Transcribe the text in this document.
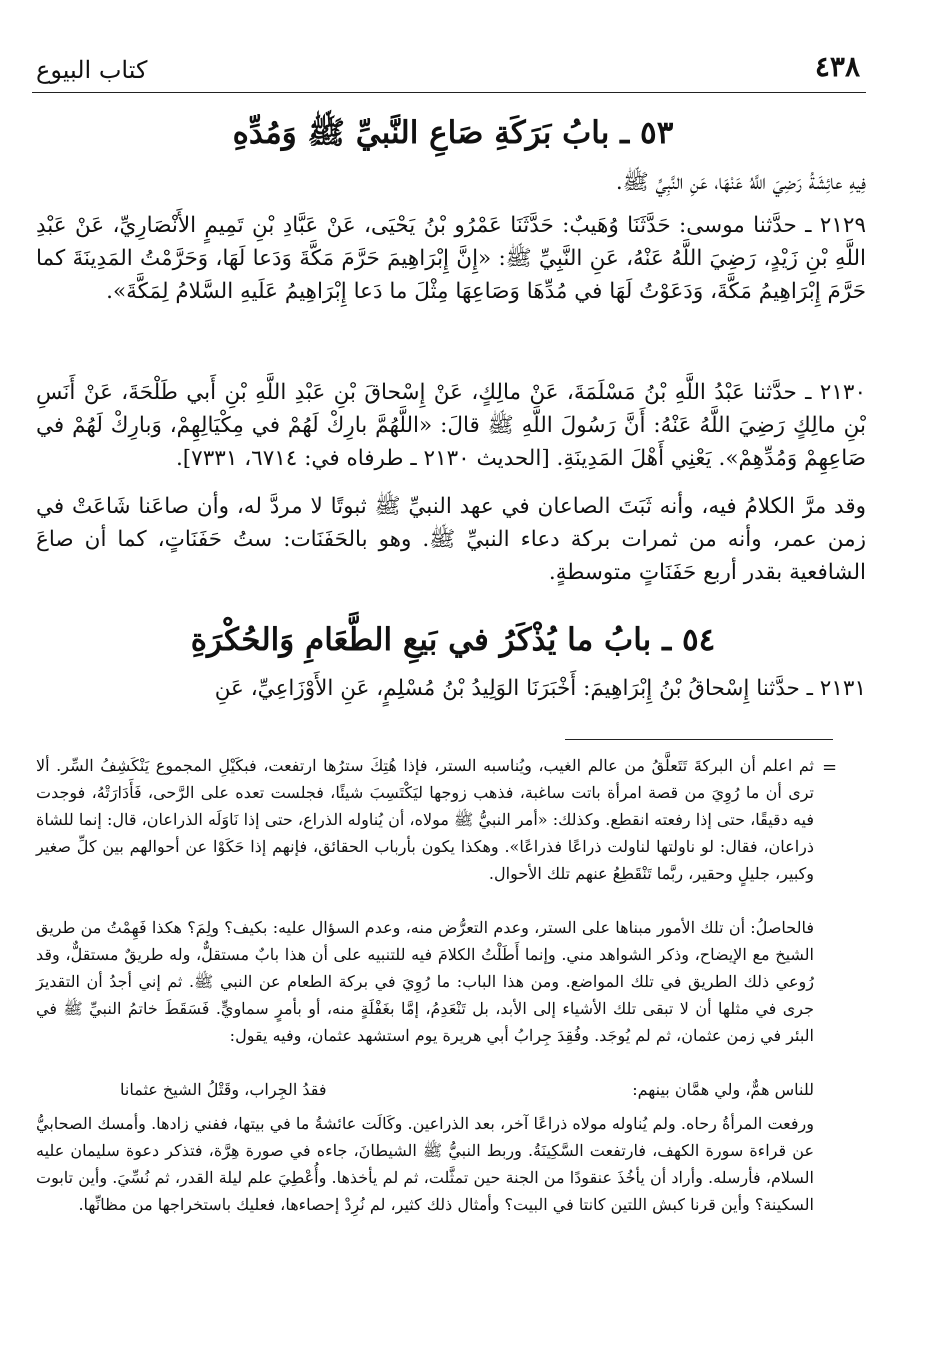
٤٣٨
كتاب البيوع
٥٣ ـ بابُ بَرَكَةِ صَاعِ النَّبيِّ ﷺ وَمُدِّهِ
فِيهِ عائِشَةُ رَضِيَ اللَّهُ عَنْهَا، عَنِ النَّبِيِّ ﷺ.
٢١٢٩ ـ حدَّثنا موسى: حَدَّثَنَا وُهَيبٌ: حَدَّثَنَا عَمْرُو بْنُ يَحْيَى، عَنْ عَبَّادِ بْنِ تَمِيمٍ الأَنْصَارِيِّ، عَنْ عَبْدِ اللَّهِ بْنِ زَيْدٍ، رَضِيَ اللَّهُ عَنْهُ، عَنِ النَّبِيِّ ﷺ: «إِنَّ إِبْرَاهِيمَ حَرَّمَ مَكَّةَ وَدَعا لَهَا، وَحَرَّمْتُ المَدِينَةَ كما حَرَّمَ إِبْرَاهِيمُ مَكَّةَ، وَدَعَوْتُ لَهَا في مُدِّهَا وَصَاعِهَا مِثْلَ ما دَعا إِبْرَاهِيمُ عَلَيهِ السَّلامُ لِمَكَّةَ».
٢١٣٠ ـ حدَّثنا عَبْدُ اللَّهِ بْنُ مَسْلَمَةَ، عَنْ مالِكٍ، عَنْ إِسْحاقَ بْنِ عَبْدِ اللَّهِ بْنِ أَبي طَلْحَةَ، عَنْ أَنَسِ بْنِ مالِكٍ رَضِيَ اللَّهُ عَنْهُ: أَنَّ رَسُولَ اللَّهِ ﷺ قالَ: «اللَّهُمَّ بارِكْ لَهُمْ في مِكْيَالِهِمْ، وَبارِكْ لَهُمْ في صَاعِهِمْ وَمُدِّهِمْ». يَعْنِي أَهْلَ المَدِينَةِ. [الحديث ٢١٣٠ ـ طرفاه في: ٦٧١٤، ٧٣٣١].
وقد مرَّ الكلامُ فيه، وأنه ثَبَتَ الصاعان في عهد النبيِّ ﷺ ثبوتًا لا مردَّ له، وأن صاعَنا شَاعَتْ في زمن عمر، وأنه من ثمرات بركة دعاء النبيِّ ﷺ. وهو بالحَفَنَات: ستُ حَفَنَاتٍ، كما أن صاعَ الشافعية بقدر أربع حَفَنَاتٍ متوسطةٍ.
٥٤ ـ بابُ ما يُذْكَرُ في بَيعِ الطَّعَامِ وَالحُكْرَةِ
٢١٣١ ـ حدَّثنا إِسْحاقُ بْنُ إِبْرَاهِيمَ: أَخْبَرَنَا الوَلِيدُ بْنُ مُسْلِمٍ، عَنِ الأَوْزَاعِيِّ، عَنِ
=
ثم اعلم أن البركةَ تَتَعلَّقُ من عالم الغيب، ويُناسبه الستر، فإذا هُتِكَ سترُها ارتفعت، فبكَيْلِ المجموع يَنْكَشِفُ السِّر. ألا ترى أن ما رُوِيَ من قصة امرأة باتت ساغبة، فذهب زوجها ليَكْتَسِبَ شيئًا، فجلست تعده على الرَّحى، فَأَدَارَتْهُ، فوجدت فيه دقيقًا، حتى إذا رفعته انقطع. وكذلك: «أمر النبيُّ ﷺ مولاه، أن يُناوله الذراع، حتى إذا نَاوَلَه الذراعان، قال: إنما للشاة ذراعان، فقال: لو ناولتها لناولت ذراعًا فذراعًا». وهكذا يكون بأرباب الحقائق، فإنهم إذا حَكَوْا عن أحوالهم بين كلِّ صغير وكبير، جليلٍ وحقير، ربَّما تَنْقَطِعُ عنهم تلك الأحوال.
فالحاصلُ: أن تلك الأمور مبناها على الستر، وعدم التعرُّض منه، وعدم السؤال عليه: بكيف؟ ولِمَ؟ هكذا فَهِمْتُ من طريق الشيخ مع الإيضاح، وذكر الشواهد مني. وإنما أَطَلْتُ الكلامَ فيه للتنبيه على أن هذا بابٌ مستقلٌّ، وله طريقٌ مستقلٌّ، وقد رُوعي ذلك الطريق في تلك المواضع. ومن هذا الباب: ما رُوِيَ في بركة الطعام عن النبي ﷺ. ثم إني أجدُ أن التقديرَ جرى في مثلها أن لا تبقى تلك الأشياء إلى الأبد، بل تَنْعَدِمُ، إمَّا بغَفْلَةٍ منه، أو بأمرٍ سماويٍّ. فَسَقَطَ خاتمُ النبيِّ ﷺ في البئر في زمن عثمان، ثم لم يُوجَد. وفُقِدَ جِرابُ أبي هريرة يوم استشهد عثمان، وفيه يقول:
للناس همٌّ، ولي همَّان بينهم:
فقدُ الجِراب، وقَتْلُ الشيخ عثمانا
ورفعت المرأةُ رحاه. ولم يُناوله مولاه ذراعًا آخر، بعد الذراعين. وكَالَت عائشةُ ما في بيتها، ففني زادها. وأمسك الصحابيُّ عن قراءة سورة الكهف، فارتفعت السَّكِينَةُ. وربط النبيُّ ﷺ الشيطانَ، جاءه في صورة هِرَّة، فتذكر دعوة سليمان عليه السلام، فأرسله. وأراد أن يأخُذَ عنقودًا من الجنة حين تمثَّلت، ثم لم يأخذها. وأُعْطِيَ علم ليلة القدر، ثم نُسِّيَ. وأين تابوت السكينة؟ وأين قرنا كبش اللتين كانتا في البيت؟ وأمثال ذلك كثير، لم نُرِدْ إحصاءها، فعليك باستخراجها من مظانِّها.
